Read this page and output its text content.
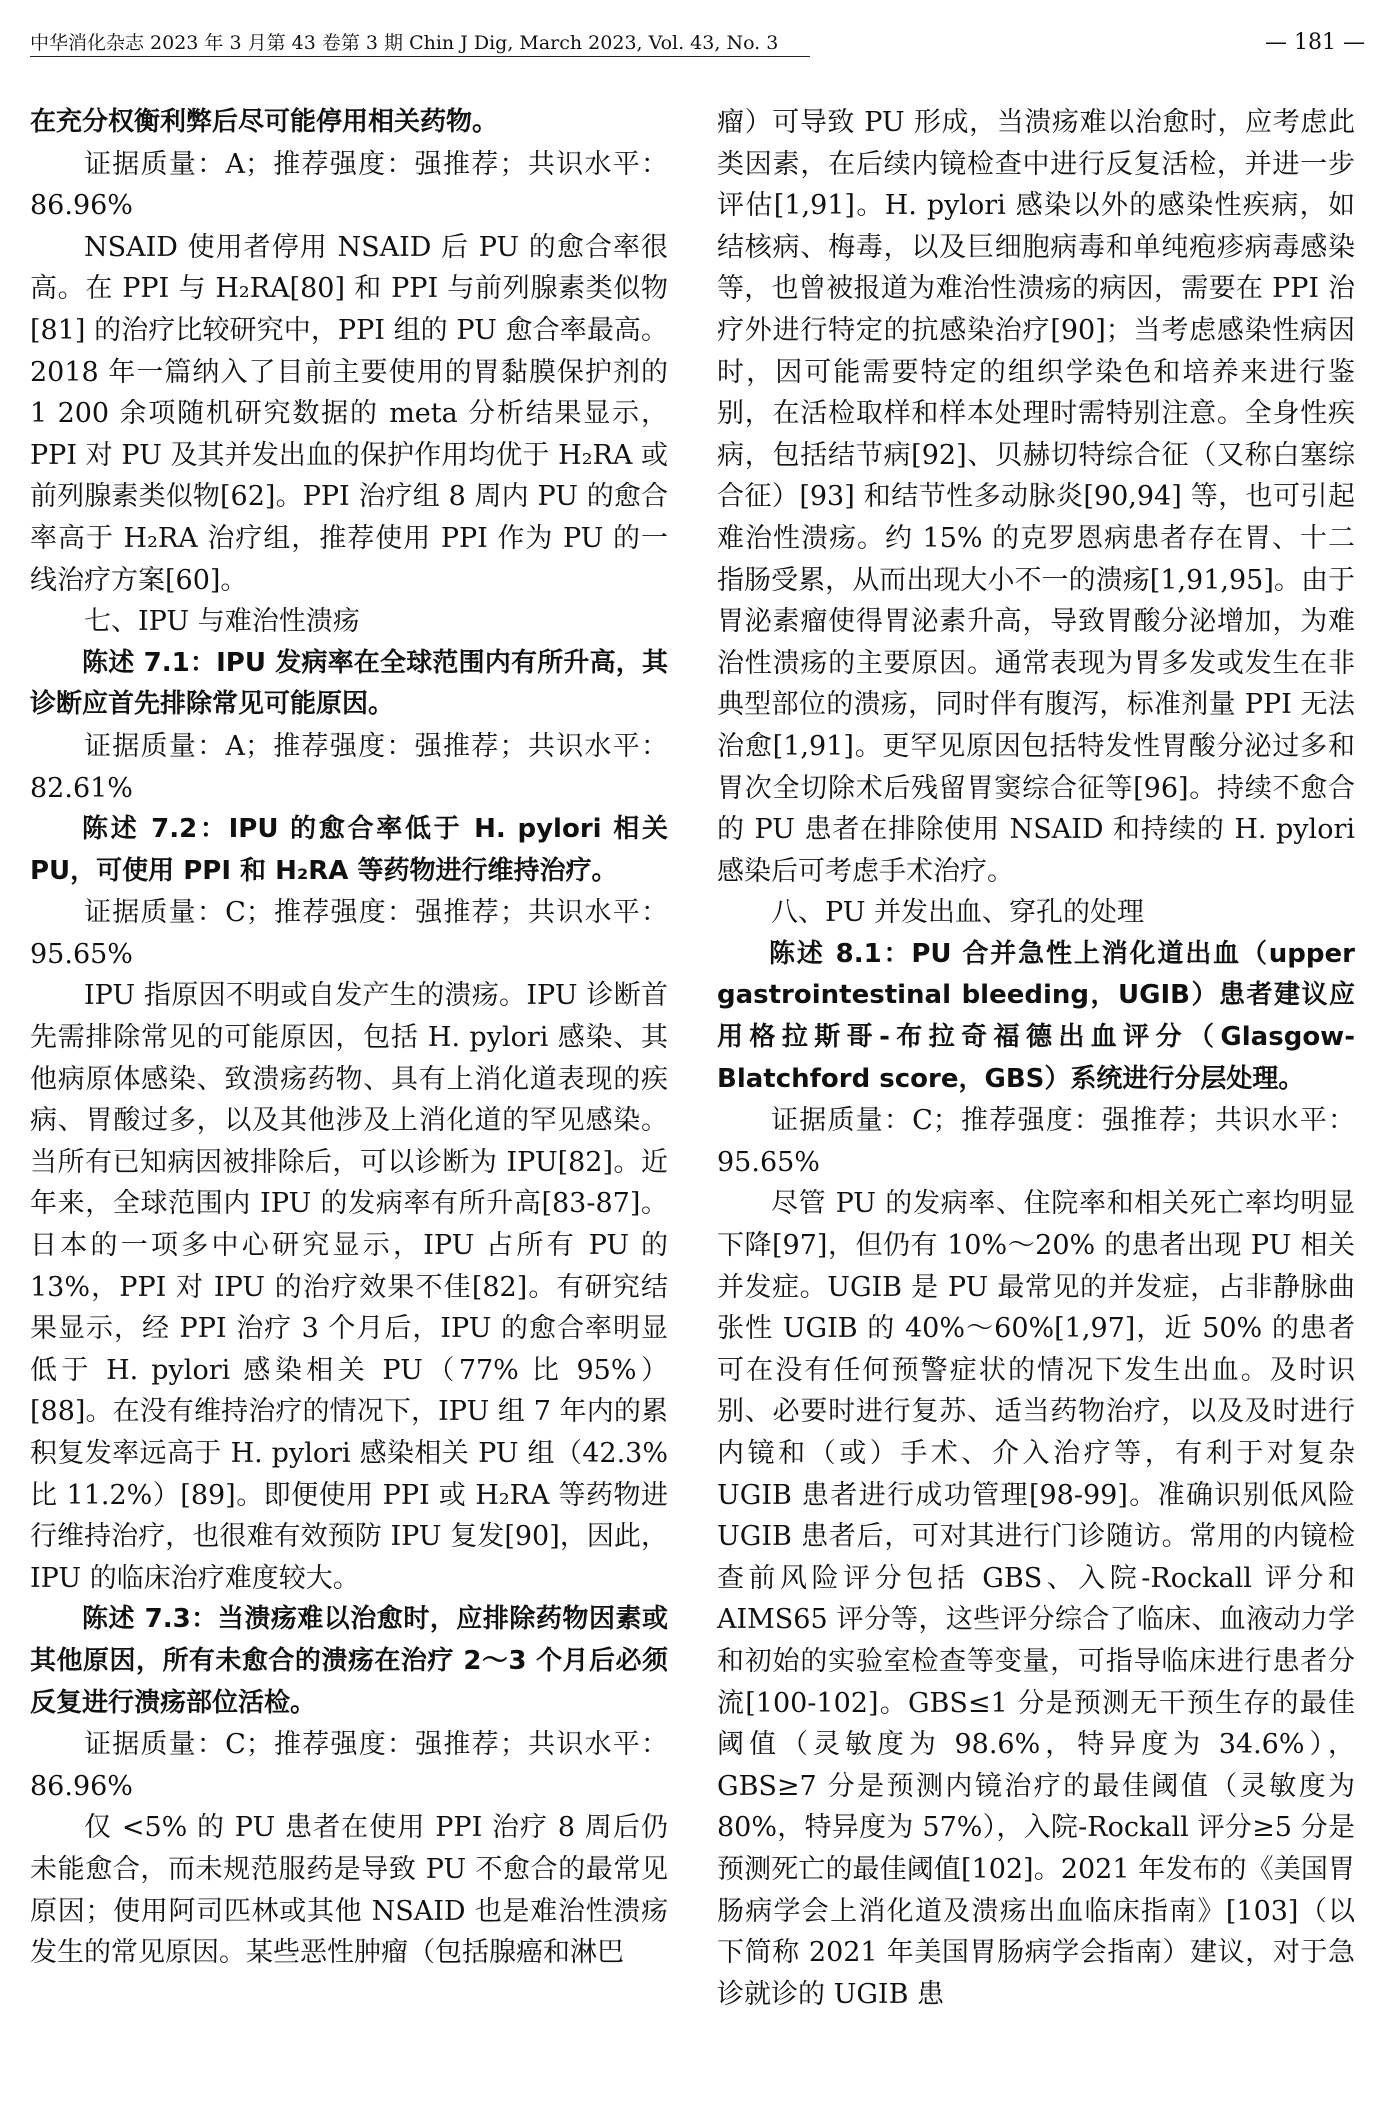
中华消化杂志 2023 年 3 月第 43 卷第 3 期 Chin J Dig, March 2023, Vol. 43, No. 3	— 181 —

在充分权衡利弊后尽可能停用相关药物。

证据质量：A；推荐强度：强推荐；共识水平：86.96%

NSAID 使用者停用 NSAID 后 PU 的愈合率很高。在 PPI 与 H₂RA[80] 和 PPI 与前列腺素类似物[81] 的治疗比较研究中，PPI 组的 PU 愈合率最高。2018 年一篇纳入了目前主要使用的胃黏膜保护剂的 1 200 余项随机研究数据的 meta 分析结果显示，PPI 对 PU 及其并发出血的保护作用均优于 H₂RA 或前列腺素类似物[62]。PPI 治疗组 8 周内 PU 的愈合率高于 H₂RA 治疗组，推荐使用 PPI 作为 PU 的一线治疗方案[60]。

七、IPU 与难治性溃疡

陈述 7.1：IPU 发病率在全球范围内有所升高，其诊断应首先排除常见可能原因。

证据质量：A；推荐强度：强推荐；共识水平：82.61%

陈述 7.2：IPU 的愈合率低于 H. pylori 相关 PU，可使用 PPI 和 H₂RA 等药物进行维持治疗。

证据质量：C；推荐强度：强推荐；共识水平：95.65%

IPU 指原因不明或自发产生的溃疡。IPU 诊断首先需排除常见的可能原因，包括 H. pylori 感染、其他病原体感染、致溃疡药物、具有上消化道表现的疾病、胃酸过多，以及其他涉及上消化道的罕见感染。当所有已知病因被排除后，可以诊断为 IPU[82]。近年来，全球范围内 IPU 的发病率有所升高[83-87]。日本的一项多中心研究显示，IPU 占所有 PU 的 13%，PPI 对 IPU 的治疗效果不佳[82]。有研究结果显示，经 PPI 治疗 3 个月后，IPU 的愈合率明显低于 H. pylori 感染相关 PU（77% 比 95%）[88]。在没有维持治疗的情况下，IPU 组 7 年内的累积复发率远高于 H. pylori 感染相关 PU 组（42.3% 比 11.2%）[89]。即便使用 PPI 或 H₂RA 等药物进行维持治疗，也很难有效预防 IPU 复发[90]，因此，IPU 的临床治疗难度较大。

陈述 7.3：当溃疡难以治愈时，应排除药物因素或其他原因，所有未愈合的溃疡在治疗 2～3 个月后必须反复进行溃疡部位活检。

证据质量：C；推荐强度：强推荐；共识水平：86.96%

仅 <5% 的 PU 患者在使用 PPI 治疗 8 周后仍未能愈合，而未规范服药是导致 PU 不愈合的最常见原因；使用阿司匹林或其他 NSAID 也是难治性溃疡发生的常见原因。某些恶性肿瘤（包括腺癌和淋巴

瘤）可导致 PU 形成，当溃疡难以治愈时，应考虑此类因素，在后续内镜检查中进行反复活检，并进一步评估[1,91]。H. pylori 感染以外的感染性疾病，如结核病、梅毒，以及巨细胞病毒和单纯疱疹病毒感染等，也曾被报道为难治性溃疡的病因，需要在 PPI 治疗外进行特定的抗感染治疗[90]；当考虑感染性病因时，因可能需要特定的组织学染色和培养来进行鉴别，在活检取样和样本处理时需特别注意。全身性疾病，包括结节病[92]、贝赫切特综合征（又称白塞综合征）[93] 和结节性多动脉炎[90,94] 等，也可引起难治性溃疡。约 15% 的克罗恩病患者存在胃、十二指肠受累，从而出现大小不一的溃疡[1,91,95]。由于胃泌素瘤使得胃泌素升高，导致胃酸分泌增加，为难治性溃疡的主要原因。通常表现为胃多发或发生在非典型部位的溃疡，同时伴有腹泻，标准剂量 PPI 无法治愈[1,91]。更罕见原因包括特发性胃酸分泌过多和胃次全切除术后残留胃窦综合征等[96]。持续不愈合的 PU 患者在排除使用 NSAID 和持续的 H. pylori 感染后可考虑手术治疗。

八、PU 并发出血、穿孔的处理

陈述 8.1：PU 合并急性上消化道出血（upper gastrointestinal bleeding，UGIB）患者建议应用格拉斯哥-布拉奇福德出血评分（Glasgow-Blatchford score，GBS）系统进行分层处理。

证据质量：C；推荐强度：强推荐；共识水平：95.65%

尽管 PU 的发病率、住院率和相关死亡率均明显下降[97]，但仍有 10%～20% 的患者出现 PU 相关并发症。UGIB 是 PU 最常见的并发症，占非静脉曲张性 UGIB 的 40%～60%[1,97]，近 50% 的患者可在没有任何预警症状的情况下发生出血。及时识别、必要时进行复苏、适当药物治疗，以及及时进行内镜和（或）手术、介入治疗等，有利于对复杂 UGIB 患者进行成功管理[98-99]。准确识别低风险 UGIB 患者后，可对其进行门诊随访。常用的内镜检查前风险评分包括 GBS、入院-Rockall 评分和 AIMS65 评分等，这些评分综合了临床、血液动力学和初始的实验室检查等变量，可指导临床进行患者分流[100-102]。GBS≤1 分是预测无干预生存的最佳阈值（灵敏度为 98.6%，特异度为 34.6%），GBS≥7 分是预测内镜治疗的最佳阈值（灵敏度为 80%，特异度为 57%），入院-Rockall 评分≥5 分是预测死亡的最佳阈值[102]。2021 年发布的《美国胃肠病学会上消化道及溃疡出血临床指南》[103]（以下简称 2021 年美国胃肠病学会指南）建议，对于急诊就诊的 UGIB 患
